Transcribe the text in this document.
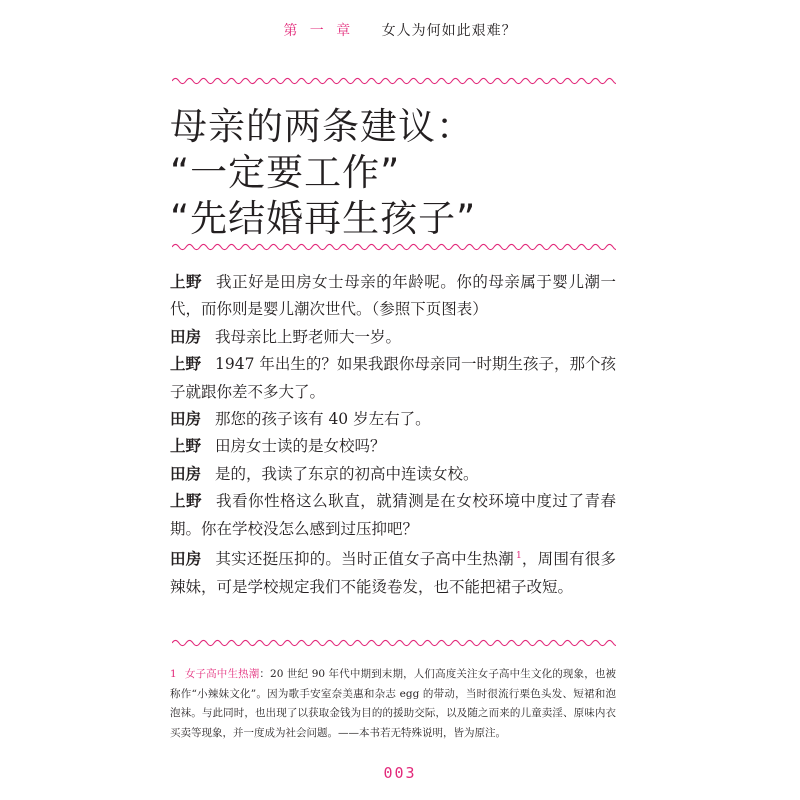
第 一 章 女人为何如此艰难？
母亲的两条建议：
“一定要工作”
“先结婚再生孩子”

上野 我正好是田房女士母亲的年龄呢。你的母亲属于婴儿潮一代，而你则是婴儿潮次世代。（参照下页图表）

田房 我母亲比上野老师大一岁。

上野 1947 年出生的？如果我跟你母亲同一时期生孩子，那个孩子就跟你差不多大了。

田房 那您的孩子该有 40 岁左右了。

上野 田房女士读的是女校吗？

田房 是的，我读了东京的初高中连读女校。

上野 我看你性格这么耿直，就猜测是在女校环境中度过了青春期。你在学校没怎么感到过压抑吧？

田房 其实还挺压抑的。当时正值女子高中生热潮 $^1$，周围有很多辣妹，可是学校规定我们不能烫卷发，也不能把裙子改短。

1 女子高中生热潮：20 世纪 90 年代中期到末期，人们高度关注女子高中生文化的现象，也被称作“小辣妹文化”。因为歌手安室奈美惠和杂志 egg 的带动，当时很流行栗色头发、短裙和泡泡袜。与此同时，也出现了以获取金钱为目的的援助交际，以及随之而来的儿童卖淫、原味内衣买卖等现象，并一度成为社会问题。——本书若无特殊说明，皆为原注。
003
